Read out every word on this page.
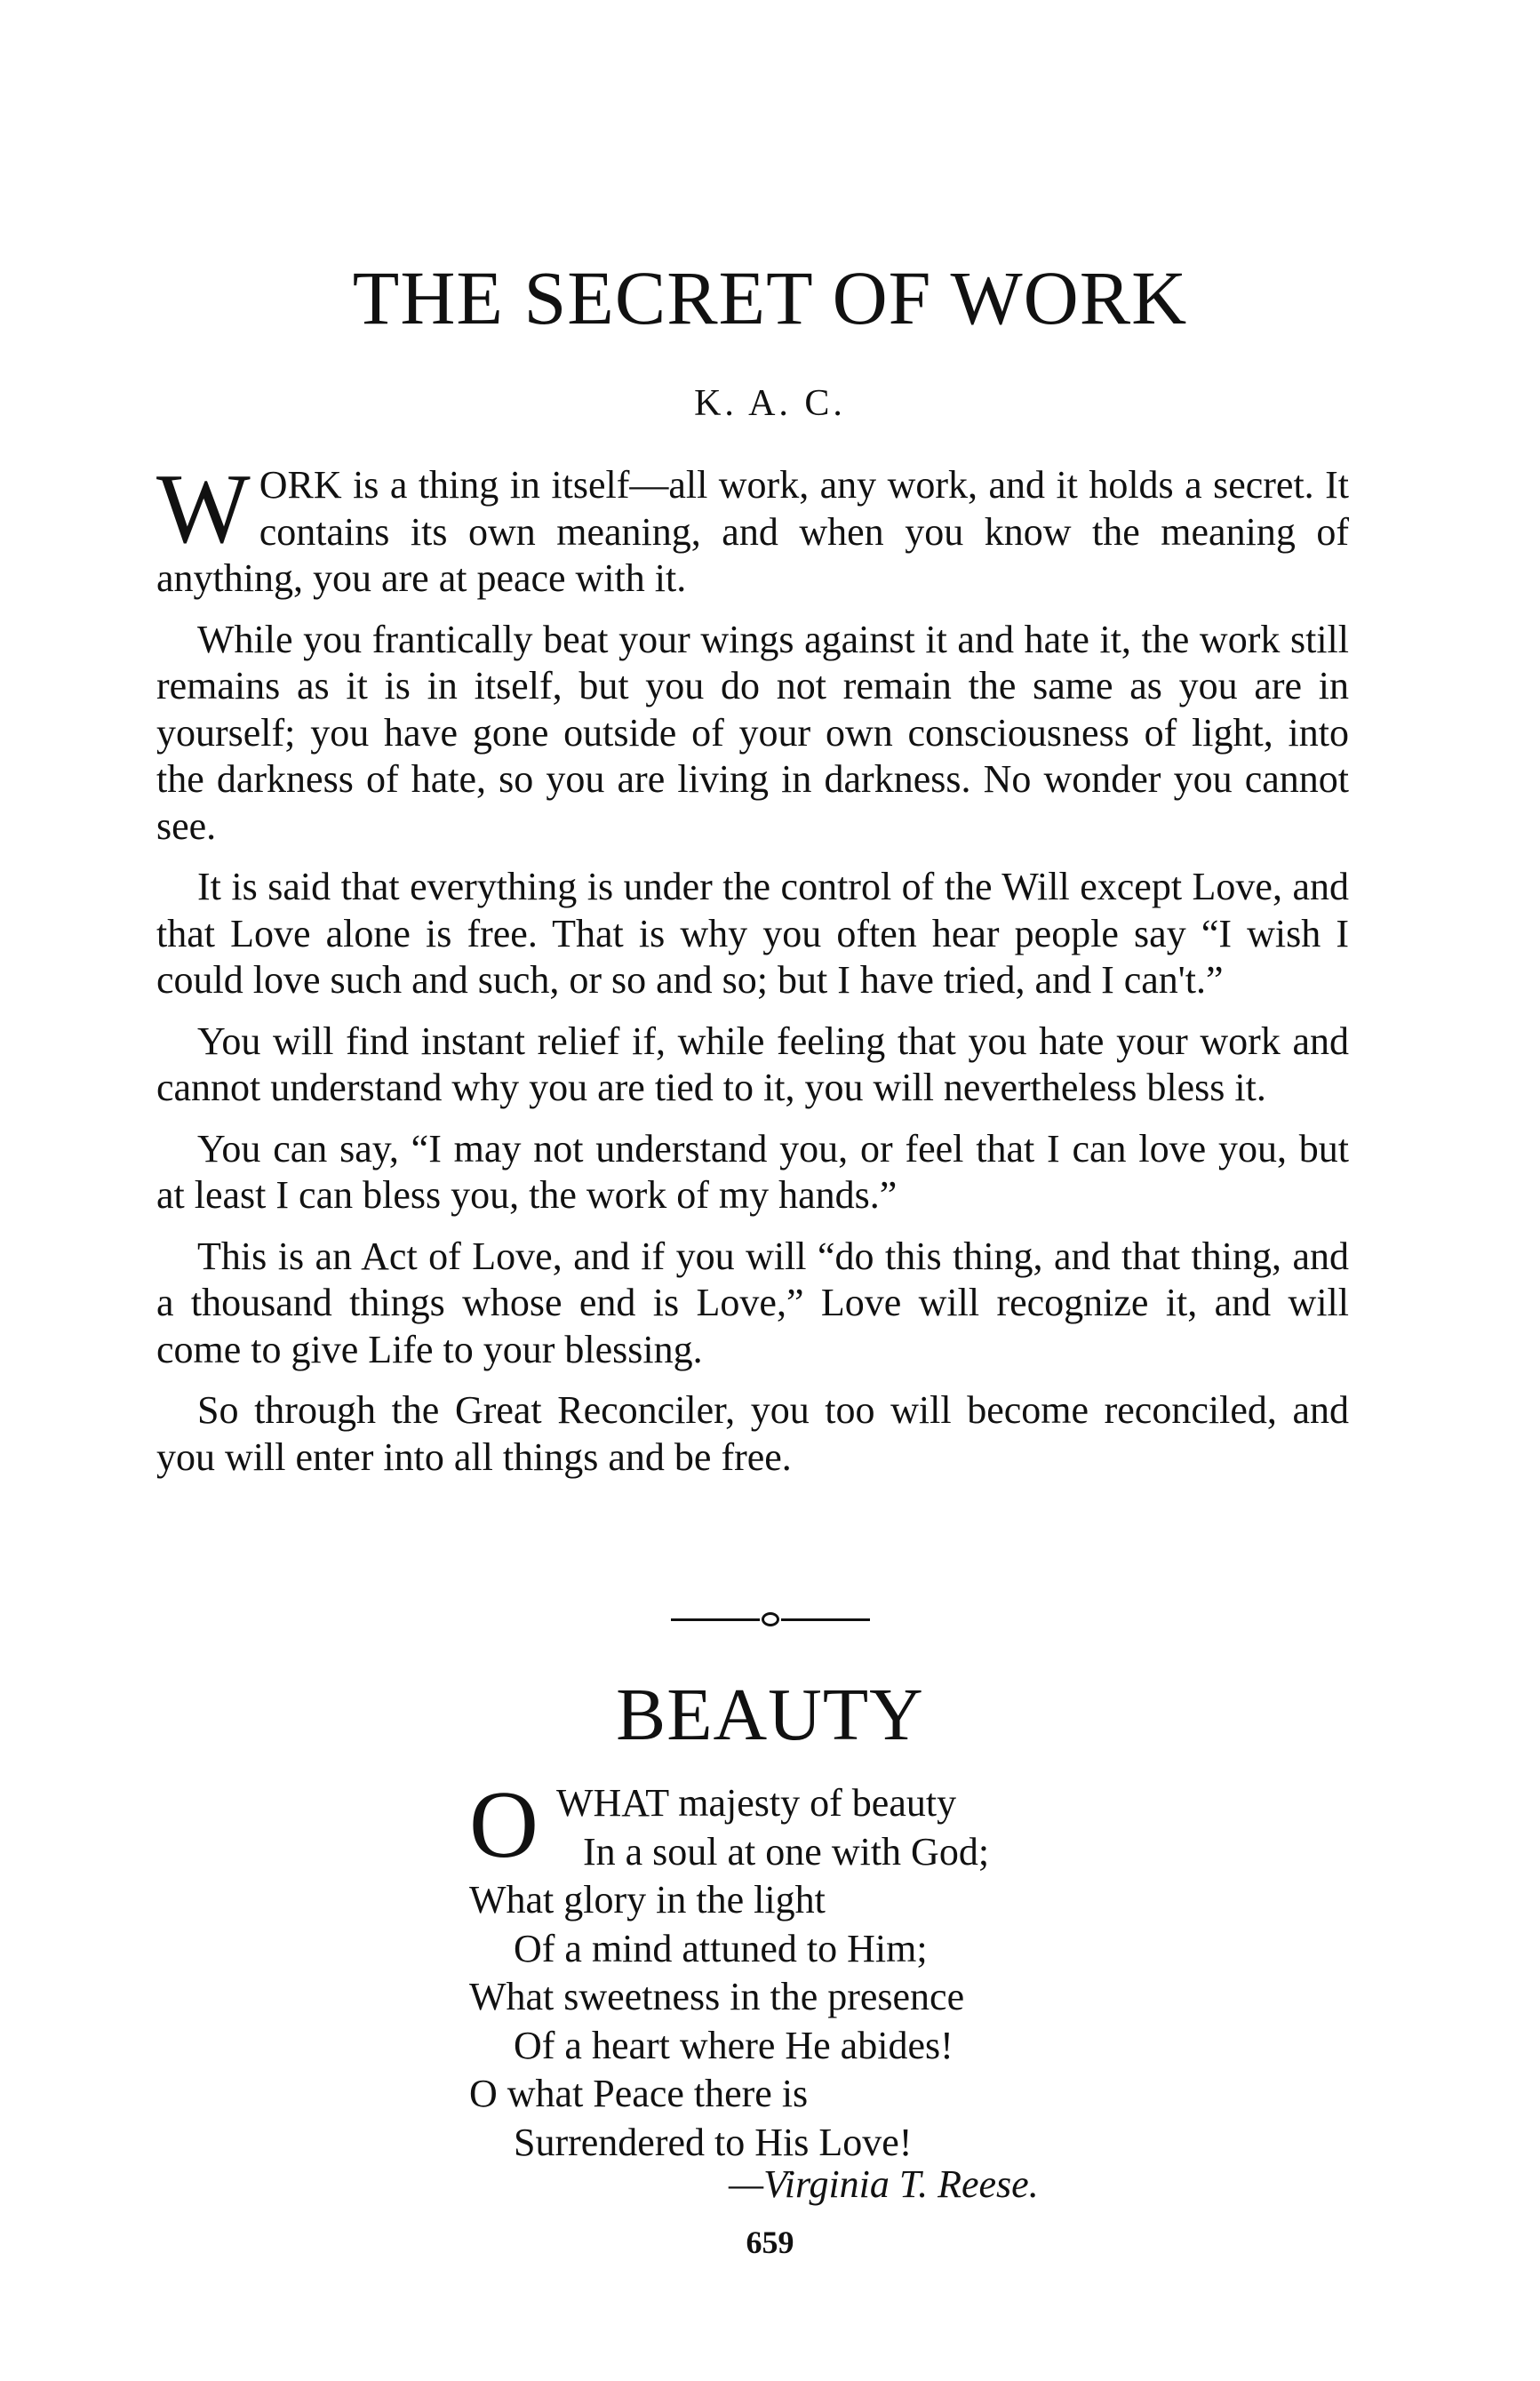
THE SECRET OF WORK
K. A. C.

WORK is a thing in itself—all work, any work, and it holds a secret. It contains its own meaning, and when you know the meaning of anything, you are at peace with it.

While you frantically beat your wings against it and hate it, the work still remains as it is in itself, but you do not remain the same as you are in yourself; you have gone outside of your own consciousness of light, into the darkness of hate, so you are living in darkness. No wonder you cannot see.

It is said that everything is under the control of the Will except Love, and that Love alone is free. That is why you often hear people say “I wish I could love such and such, or so and so; but I have tried, and I can't.”

You will find instant relief if, while feeling that you hate your work and cannot understand why you are tied to it, you will nevertheless bless it.

You can say, “I may not understand you, or feel that I can love you, but at least I can bless you, the work of my hands.”

This is an Act of Love, and if you will “do this thing, and that thing, and a thousand things whose end is Love,” Love will recognize it, and will come to give Life to your blessing.

So through the Great Reconciler, you too will become reconciled, and you will enter into all things and be free.

BEAUTY
O WHAT majesty of beauty
In a soul at one with God;
What glory in the light
Of a mind attuned to Him;
What sweetness in the presence
Of a heart where He abides!
O what Peace there is
Surrendered to His Love!
—Virginia T. Reese.
659
